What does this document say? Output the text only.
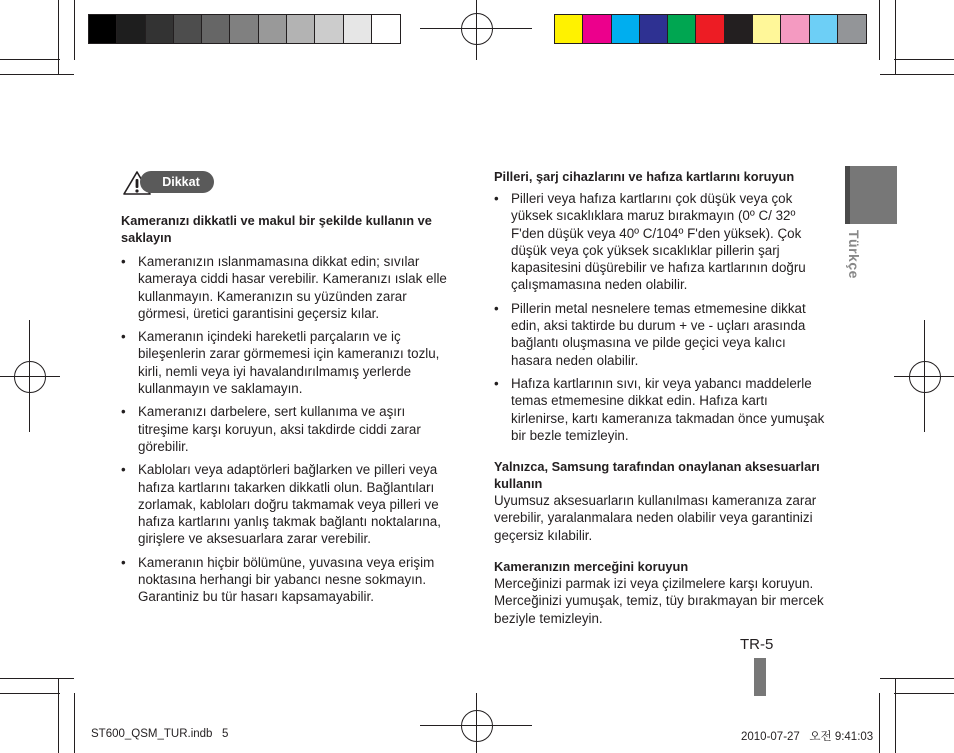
Dikkat
Kameranızı dikkatli ve makul bir şekilde kullanın ve saklayın
• Kameranızın ıslanmamasına dikkat edin; sıvılar kameraya ciddi hasar verebilir. Kameranızı ıslak elle kullanmayın. Kameranızın su yüzünden zarar görmesi, üretici garantisini geçersiz kılar.
• Kameranın içindeki hareketli parçaların ve iç bileşenlerin zarar görmemesi için kameranızı tozlu, kirli, nemli veya iyi havalandırılmamış yerlerde kullanmayın ve saklamayın.
• Kameranızı darbelere, sert kullanıma ve aşırı titreşime karşı koruyun, aksi takdirde ciddi zarar görebilir.
• Kabloları veya adaptörleri bağlarken ve pilleri veya hafıza kartlarını takarken dikkatli olun. Bağlantıları zorlamak, kabloları doğru takmamak veya pilleri ve hafıza kartlarını yanlış takmak bağlantı noktalarına, girişlere ve aksesuarlara zarar verebilir.
• Kameranın hiçbir bölümüne, yuvasına veya erişim noktasına herhangi bir yabancı nesne sokmayın. Garantiniz bu tür hasarı kapsamayabilir.
Pilleri, şarj cihazlarını ve hafıza kartlarını koruyun
• Pilleri veya hafıza kartlarını çok düşük veya çok yüksek sıcaklıklara maruz bırakmayın (0º C/ 32º F'den düşük veya 40º C/104º F'den yüksek). Çok düşük veya çok yüksek sıcaklıklar pillerin şarj kapasitesini düşürebilir ve hafıza kartlarının doğru çalışmamasına neden olabilir.
• Pillerin metal nesnelere temas etmemesine dikkat edin, aksi taktirde bu durum + ve - uçları arasında bağlantı oluşmasına ve pilde geçici veya kalıcı hasara neden olabilir.
• Hafıza kartlarının sıvı, kir veya yabancı maddelerle temas etmemesine dikkat edin. Hafıza kartı kirlenirse, kartı kameranıza takmadan önce yumuşak bir bezle temizleyin.
Yalnızca, Samsung tarafından onaylanan aksesuarları kullanın
Uyumsuz aksesuarların kullanılması kameranıza zarar verebilir, yaralanmalara neden olabilir veya garantinizi geçersiz kılabilir.
Kameranızın merceğini koruyun
Merceğinizi parmak izi veya çizilmelere karşı koruyun. Merceğinizi yumuşak, temiz, tüy bırakmayan bir mercek beziyle temizleyin.
Türkçe
TR-5
ST600_QSM_TUR.indb   5	2010-07-27   오전 9:41:03
